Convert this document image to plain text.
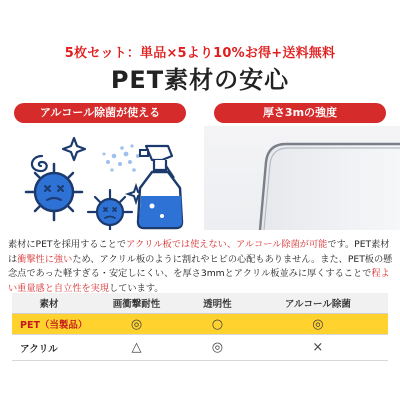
5枚セット：単品×5より10%お得+送料無料
PET素材の安心
アルコール除菌が使える	厚さ3mの強度
素材にPETを採用することでアクリル板では使えない、アルコール除菌が可能です。PET素材は衝撃性に強いため、アクリル板のように割れやヒビの心配もありません。また、PET板の懸念点であった軽すぎる・安定しにくい、を厚さ3mmとアクリル板並みに厚くすることで程よい重量感と自立性を実現しています。
素材	画衝撃耐性	透明性	アルコール除菌
PET（当製品）	◎	○	◎
アクリル	△	◎	×
